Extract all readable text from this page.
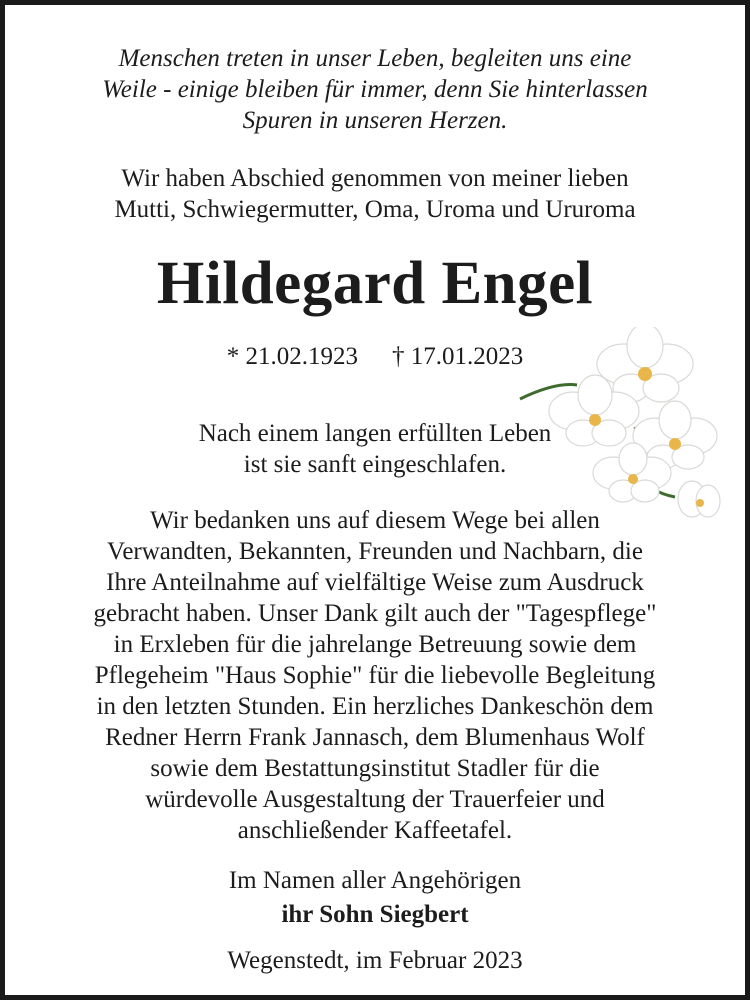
Menschen treten in unser Leben, begleiten uns eine
Weile - einige bleiben für immer, denn Sie hinterlassen
Spuren in unseren Herzen.
Wir haben Abschied genommen von meiner lieben
Mutti, Schwiegermutter, Oma, Uroma und Ururoma
Hildegard Engel
* 21.02.1923 † 17.01.2023
Nach einem langen erfüllten Leben
ist sie sanft eingeschlafen.
Wir bedanken uns auf diesem Wege bei allen
Verwandten, Bekannten, Freunden und Nachbarn, die
Ihre Anteilnahme auf vielfältige Weise zum Ausdruck
gebracht haben. Unser Dank gilt auch der "Tagespflege"
in Erxleben für die jahrelange Betreuung sowie dem
Pflegeheim "Haus Sophie" für die liebevolle Begleitung
in den letzten Stunden. Ein herzliches Dankeschön dem
Redner Herrn Frank Jannasch, dem Blumenhaus Wolf
sowie dem Bestattungsinstitut Stadler für die
würdevolle Ausgestaltung der Trauerfeier und
anschließender Kaffeetafel.
Im Namen aller Angehörigen
ihr Sohn Siegbert
Wegenstedt, im Februar 2023
